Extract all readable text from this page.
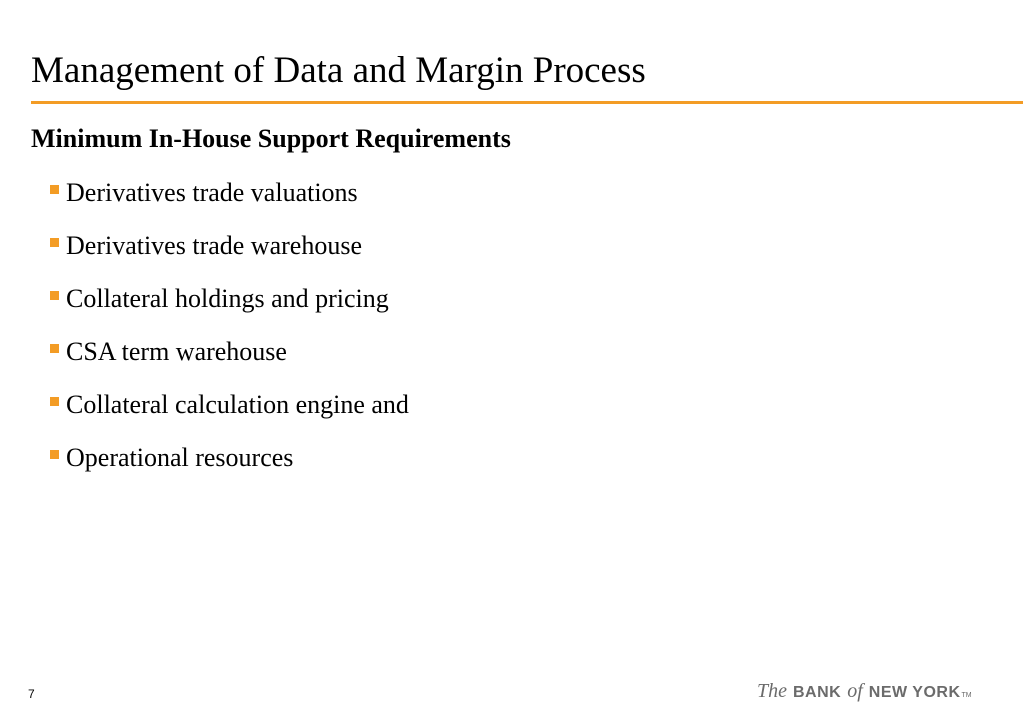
Management of Data and Margin Process
Minimum In-House Support Requirements
Derivatives trade valuations
Derivatives trade warehouse
Collateral holdings and pricing
CSA term warehouse
Collateral calculation engine and
Operational resources
7	The BANK of NEW YORK TM
